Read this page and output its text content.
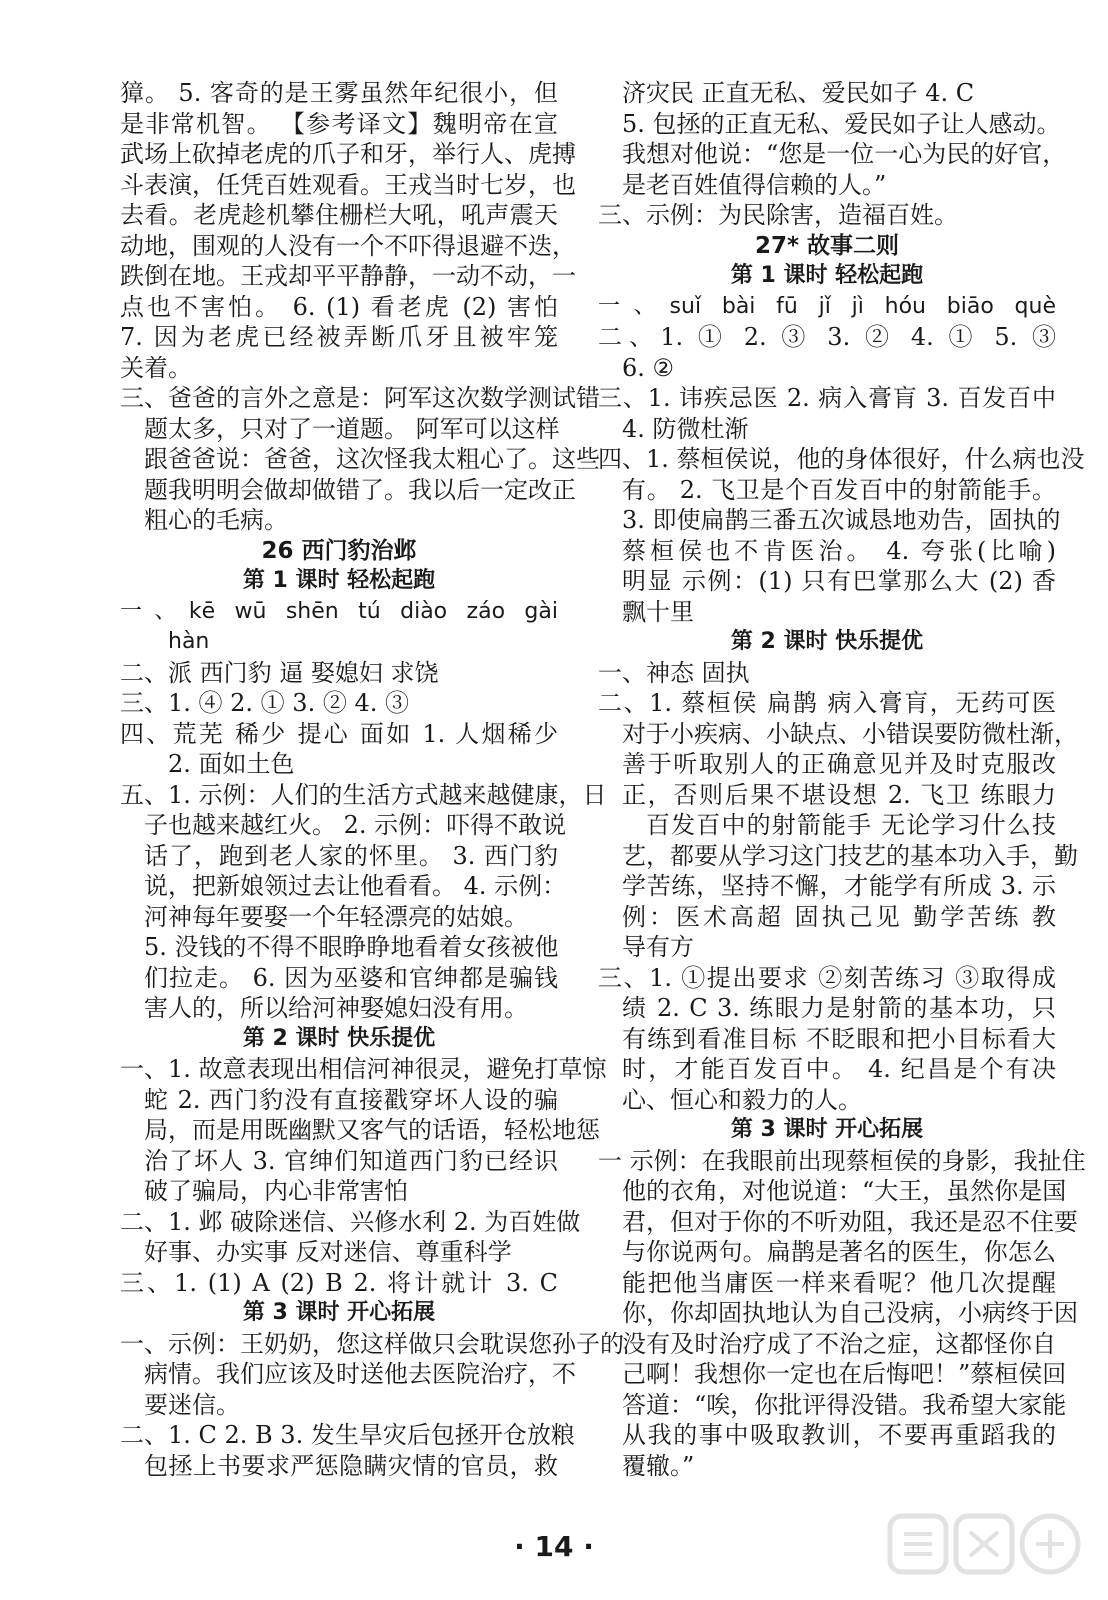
獐。 5. 客奇的是王雾虽然年纪很小，但
是非常机智。 【参考译文】魏明帝在宣
武场上砍掉老虎的爪子和牙，举行人、虎搏
斗表演，任凭百姓观看。王戎当时七岁，也
去看。老虎趁机攀住栅栏大吼，吼声震天
动地，围观的人没有一个不吓得退避不迭，
跌倒在地。王戎却平平静静，一动不动，一
点也不害怕。 6. (1) 看老虎 (2) 害怕
7. 因为老虎已经被弄断爪牙且被牢笼
关着。
三、爸爸的言外之意是：阿军这次数学测试错
题太多，只对了一道题。 阿军可以这样
跟爸爸说：爸爸，这次怪我太粗心了。这些
题我明明会做却做错了。我以后一定改正
粗心的毛病。
26 西门豹治邺
第 1 课时 轻松起跑
一、kē wū shēn tú diào záo gài
hàn
二、派 西门豹 逼 娶媳妇 求饶
三、1. ④ 2. ① 3. ② 4. ③
四、荒芜 稀少 提心 面如 1. 人烟稀少
2. 面如土色
五、1. 示例：人们的生活方式越来越健康，日
子也越来越红火。 2. 示例：吓得不敢说
话了，跑到老人家的怀里。 3. 西门豹
说，把新娘领过去让他看看。 4. 示例：
河神每年要娶一个年轻漂亮的姑娘。
5. 没钱的不得不眼睁睁地看着女孩被他
们拉走。 6. 因为巫婆和官绅都是骗钱
害人的，所以给河神娶媳妇没有用。
第 2 课时 快乐提优
一、1. 故意表现出相信河神很灵，避免打草惊
蛇 2. 西门豹没有直接戳穿坏人设的骗
局，而是用既幽默又客气的话语，轻松地惩
治了坏人 3. 官绅们知道西门豹已经识
破了骗局，内心非常害怕
二、1. 邺 破除迷信、兴修水利 2. 为百姓做
好事、办实事 反对迷信、尊重科学
三、1. (1) A (2) B 2. 将计就计 3. C
第 3 课时 开心拓展
一、示例：王奶奶，您这样做只会耽误您孙子的
病情。我们应该及时送他去医院治疗，不
要迷信。
二、1. C 2. B 3. 发生旱灾后包拯开仓放粮
包拯上书要求严惩隐瞒灾情的官员，救
济灾民 正直无私、爱民如子 4. C
5. 包拯的正直无私、爱民如子让人感动。
我想对他说：“您是一位一心为民的好官，
是老百姓值得信赖的人。”
三、示例：为民除害，造福百姓。
27* 故事二则
第 1 课时 轻松起跑
一、suǐ bài fū jǐ jì hóu biāo què
二、1. ① 2. ③ 3. ② 4. ① 5. ③
6. ②
三、1. 讳疾忌医 2. 病入膏肓 3. 百发百中
4. 防微杜渐
四、1. 蔡桓侯说，他的身体很好，什么病也没
有。 2. 飞卫是个百发百中的射箭能手。
3. 即使扁鹊三番五次诚恳地劝告，固执的
蔡桓侯也不肯医治。 4. 夸张(比喻)
明显 示例：(1) 只有巴掌那么大 (2) 香
飘十里
第 2 课时 快乐提优
一、神态 固执
二、1. 蔡桓侯 扁鹊 病入膏肓，无药可医
对于小疾病、小缺点、小错误要防微杜渐，
善于听取别人的正确意见并及时克服改
正，否则后果不堪设想 2. 飞卫 练眼力
百发百中的射箭能手 无论学习什么技
艺，都要从学习这门技艺的基本功入手，勤
学苦练，坚持不懈，才能学有所成 3. 示
例：医术高超 固执己见 勤学苦练 教
导有方
三、1. ①提出要求 ②刻苦练习 ③取得成
绩 2. C 3. 练眼力是射箭的基本功，只
有练到看准目标 不眨眼和把小目标看大
时，才能百发百中。 4. 纪昌是个有决
心、恒心和毅力的人。
第 3 课时 开心拓展
一 示例：在我眼前出现蔡桓侯的身影，我扯住
他的衣角，对他说道：“大王，虽然你是国
君，但对于你的不听劝阻，我还是忍不住要
与你说两句。扁鹊是著名的医生，你怎么
能把他当庸医一样来看呢？他几次提醒
你，你却固执地认为自己没病，小病终于因
没有及时治疗成了不治之症，这都怪你自
己啊！我想你一定也在后悔吧！”蔡桓侯回
答道：“唉，你批评得没错。我希望大家能
从我的事中吸取教训，不要再重蹈我的
覆辙。”
· 14 ·
